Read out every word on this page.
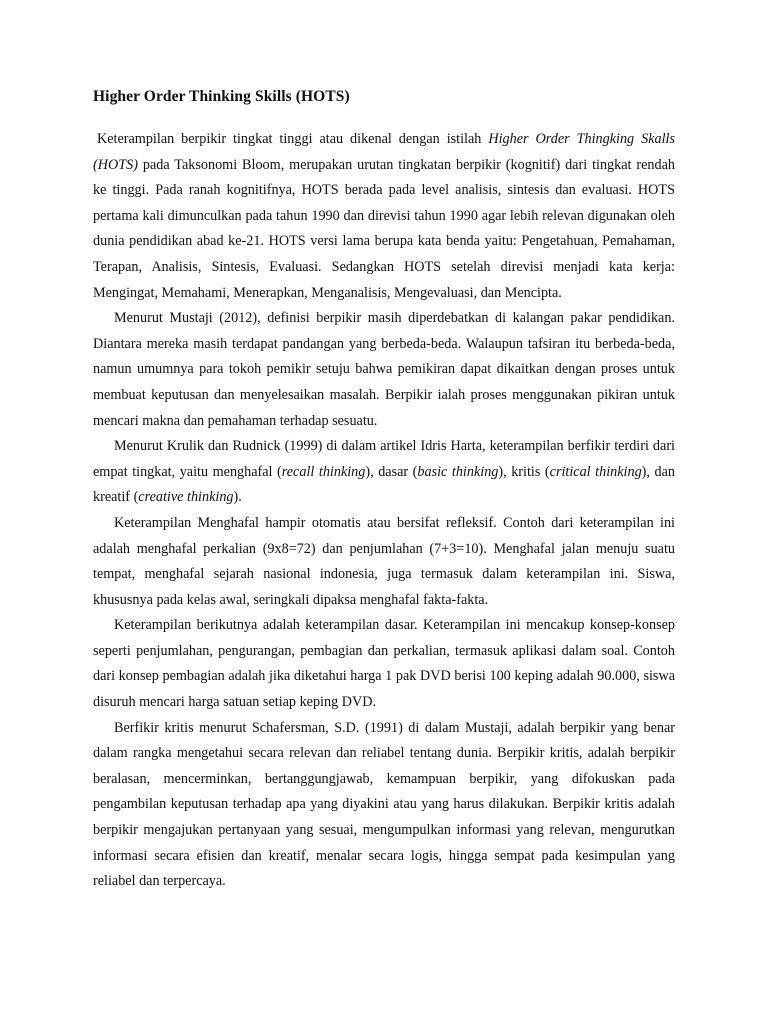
Higher Order Thinking Skills (HOTS)

Keterampilan berpikir tingkat tinggi atau dikenal dengan istilah Higher Order Thingking Skalls (HOTS) pada Taksonomi Bloom, merupakan urutan tingkatan berpikir (kognitif) dari tingkat rendah ke tinggi. Pada ranah kognitifnya, HOTS berada pada level analisis, sintesis dan evaluasi. HOTS pertama kali dimunculkan pada tahun 1990 dan direvisi tahun 1990 agar lebih relevan digunakan oleh dunia pendidikan abad ke-21. HOTS versi lama berupa kata benda yaitu: Pengetahuan, Pemahaman, Terapan, Analisis, Sintesis, Evaluasi. Sedangkan HOTS setelah direvisi menjadi kata kerja: Mengingat, Memahami, Menerapkan, Menganalisis, Mengevaluasi, dan Mencipta.

Menurut Mustaji (2012), definisi berpikir masih diperdebatkan di kalangan pakar pendidikan. Diantara mereka masih terdapat pandangan yang berbeda-beda. Walaupun tafsiran itu berbeda-beda, namun umumnya para tokoh pemikir setuju bahwa pemikiran dapat dikaitkan dengan proses untuk membuat keputusan dan menyelesaikan masalah. Berpikir ialah proses menggunakan pikiran untuk mencari makna dan pemahaman terhadap sesuatu.

Menurut Krulik dan Rudnick (1999) di dalam artikel Idris Harta, keterampilan berfikir terdiri dari empat tingkat, yaitu menghafal (recall thinking), dasar (basic thinking), kritis (critical thinking), dan kreatif (creative thinking).

Keterampilan Menghafal hampir otomatis atau bersifat refleksif. Contoh dari keterampilan ini adalah menghafal perkalian (9x8=72) dan penjumlahan (7+3=10). Menghafal jalan menuju suatu tempat, menghafal sejarah nasional indonesia, juga termasuk dalam keterampilan ini. Siswa, khususnya pada kelas awal, seringkali dipaksa menghafal fakta-fakta.

Keterampilan berikutnya adalah keterampilan dasar. Keterampilan ini mencakup konsep-konsep seperti penjumlahan, pengurangan, pembagian dan perkalian, termasuk aplikasi dalam soal. Contoh dari konsep pembagian adalah jika diketahui harga 1 pak DVD berisi 100 keping adalah 90.000, siswa disuruh mencari harga satuan setiap keping DVD.

Berfikir kritis menurut Schafersman, S.D. (1991) di dalam Mustaji, adalah berpikir yang benar dalam rangka mengetahui secara relevan dan reliabel tentang dunia. Berpikir kritis, adalah berpikir beralasan, mencerminkan, bertanggungjawab, kemampuan berpikir, yang difokuskan pada pengambilan keputusan terhadap apa yang diyakini atau yang harus dilakukan. Berpikir kritis adalah berpikir mengajukan pertanyaan yang sesuai, mengumpulkan informasi yang relevan, mengurutkan informasi secara efisien dan kreatif, menalar secara logis, hingga sempat pada kesimpulan yang reliabel dan terpercaya.
